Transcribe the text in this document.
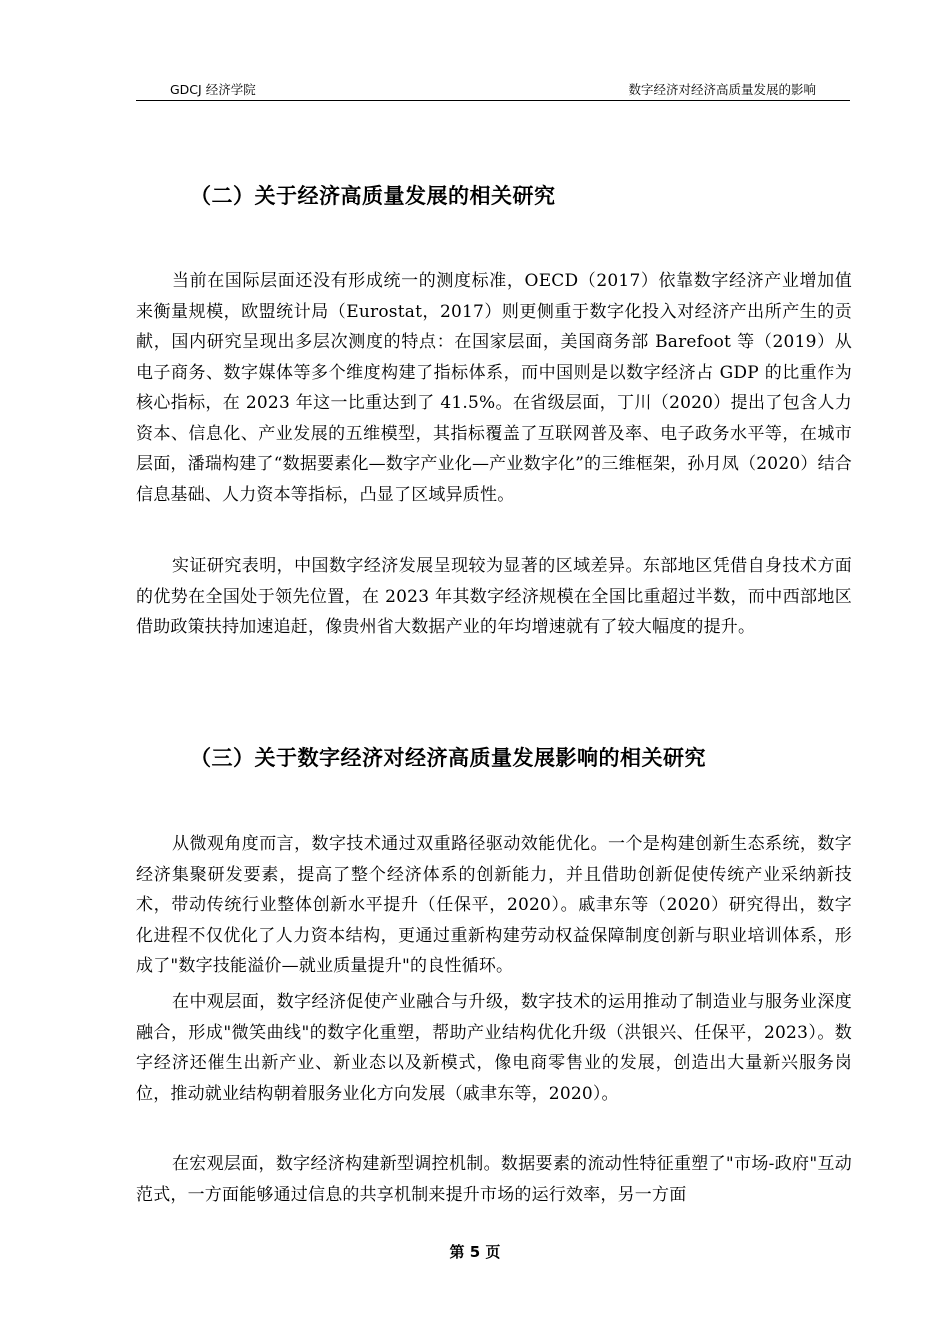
GDCJ 经济学院	数字经济对经济高质量发展的影响
（二）关于经济高质量发展的相关研究

当前在国际层面还没有形成统一的测度标准，OECD（2017）依靠数字经济产业增加值来衡量规模，欧盟统计局（Eurostat，2017）则更侧重于数字化投入对经济产出所产生的贡献，国内研究呈现出多层次测度的特点：在国家层面，美国商务部 Barefoot 等（2019）从电子商务、数字媒体等多个维度构建了指标体系，而中国则是以数字经济占 GDP 的比重作为核心指标，在 2023 年这一比重达到了 41.5%。在省级层面，丁川（2020）提出了包含人力资本、信息化、产业发展的五维模型，其指标覆盖了互联网普及率、电子政务水平等，在城市层面，潘瑞构建了“数据要素化—数字产业化—产业数字化”的三维框架，孙月凤（2020）结合信息基础、人力资本等指标，凸显了区域异质性。

实证研究表明，中国数字经济发展呈现较为显著的区域差异。东部地区凭借自身技术方面的优势在全国处于领先位置，在 2023 年其数字经济规模在全国比重超过半数，而中西部地区借助政策扶持加速追赶，像贵州省大数据产业的年均增速就有了较大幅度的提升。

（三）关于数字经济对经济高质量发展影响的相关研究

从微观角度而言，数字技术通过双重路径驱动效能优化。一个是构建创新生态系统，数字经济集聚研发要素，提高了整个经济体系的创新能力，并且借助创新促使传统产业采纳新技术，带动传统行业整体创新水平提升（任保平，2020）。戚聿东等（2020）研究得出，数字化进程不仅优化了人力资本结构，更通过重新构建劳动权益保障制度创新与职业培训体系，形成了"数字技能溢价—就业质量提升"的良性循环。

在中观层面，数字经济促使产业融合与升级，数字技术的运用推动了制造业与服务业深度融合，形成"微笑曲线"的数字化重塑，帮助产业结构优化升级（洪银兴、任保平，2023）。数字经济还催生出新产业、新业态以及新模式，像电商零售业的发展，创造出大量新兴服务岗位，推动就业结构朝着服务业化方向发展（戚聿东等，2020）。

在宏观层面，数字经济构建新型调控机制。数据要素的流动性特征重塑了"市场-政府"互动范式，一方面能够通过信息的共享机制来提升市场的运行效率，另一方面

第 5 页
